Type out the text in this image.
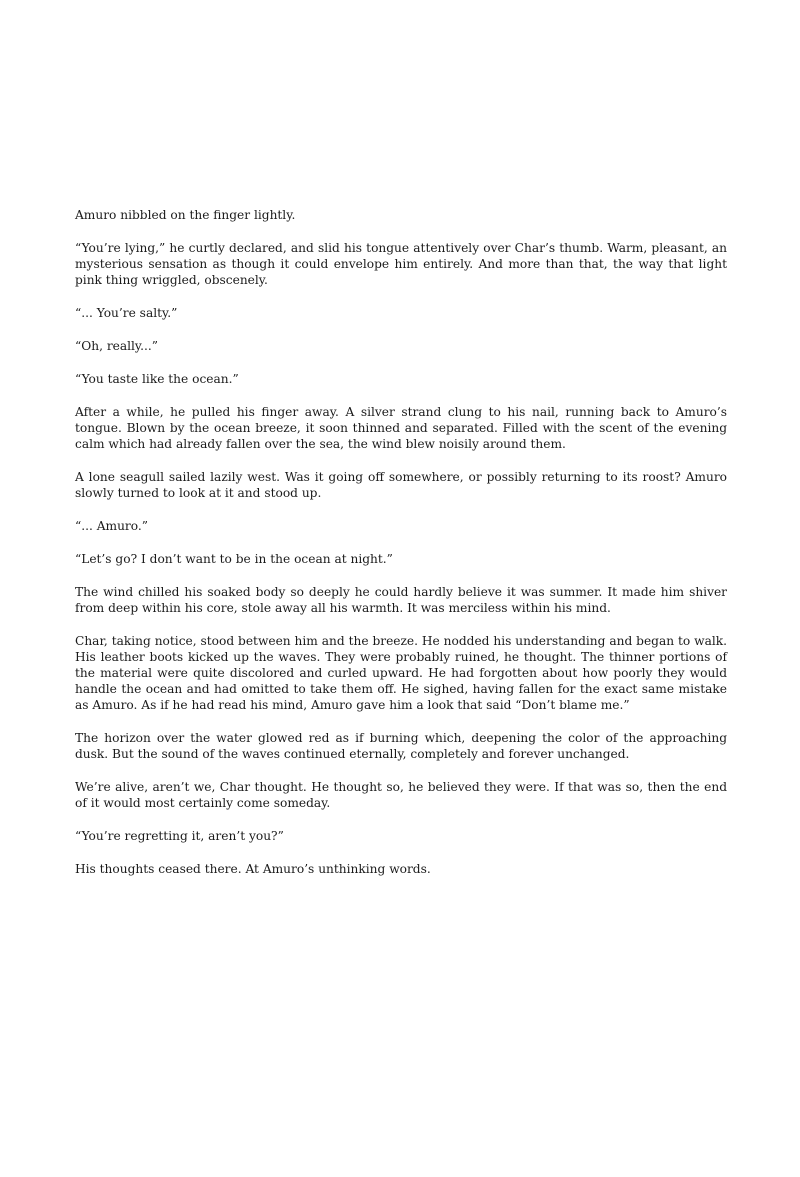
Amuro nibbled on the finger lightly.

“You’re lying,” he curtly declared, and slid his tongue attentively over Char’s thumb. Warm, pleasant, an mysterious sensation as though it could envelope him entirely. And more than that, the way that light pink thing wriggled, obscenely.

“... You’re salty.”

“Oh, really...”

“You taste like the ocean.”

After a while, he pulled his finger away. A silver strand clung to his nail, running back to Amuro’s tongue. Blown by the ocean breeze, it soon thinned and separated. Filled with the scent of the evening calm which had already fallen over the sea, the wind blew noisily around them.

A lone seagull sailed lazily west. Was it going off somewhere, or possibly returning to its roost? Amuro slowly turned to look at it and stood up.

“... Amuro.”

“Let’s go? I don’t want to be in the ocean at night.”

The wind chilled his soaked body so deeply he could hardly believe it was summer. It made him shiver from deep within his core, stole away all his warmth. It was merciless within his mind.

Char, taking notice, stood between him and the breeze. He nodded his understanding and began to walk. His leather boots kicked up the waves. They were probably ruined, he thought. The thinner portions of the material were quite discolored and curled upward. He had forgotten about how poorly they would handle the ocean and had omitted to take them off. He sighed, having fallen for the exact same mistake as Amuro. As if he had read his mind, Amuro gave him a look that said “Don’t blame me.”

The horizon over the water glowed red as if burning which, deepening the color of the approaching dusk. But the sound of the waves continued eternally, completely and forever unchanged.

We’re alive, aren’t we, Char thought. He thought so, he believed they were. If that was so, then the end of it would most certainly come someday.

“You’re regretting it, aren’t you?”

His thoughts ceased there. At Amuro’s unthinking words.
